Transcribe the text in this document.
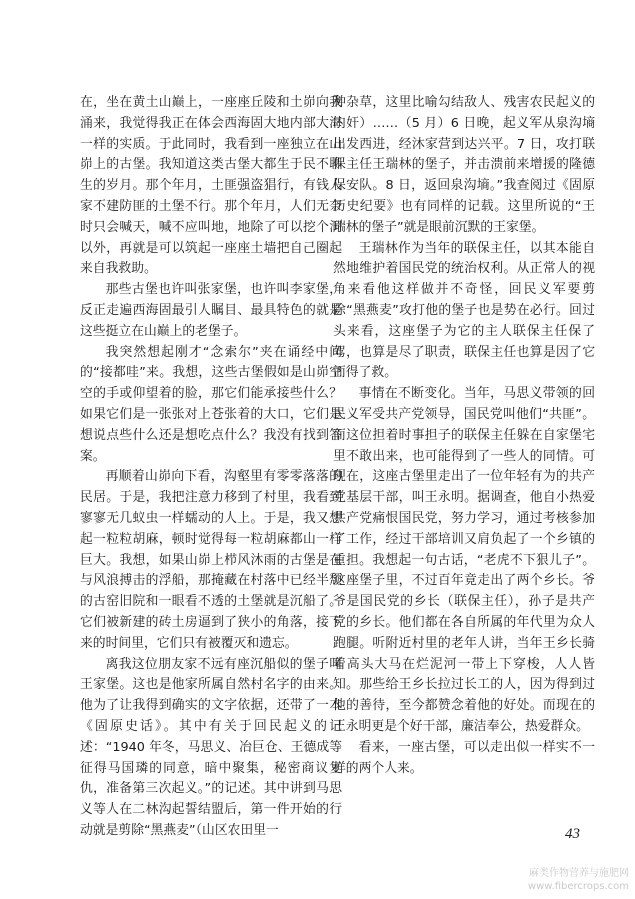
在，坐在黄土山巅上，一座座丘陵和土峁向我涌来，我觉得我正在体会西海固大地内部大海一样的实质。于此同时，我看到一座独立在山峁上的古堡。我知道这类古堡大都生于民不聊生的岁月。那个年月，土匪强盗猖行，有钱人家不建防匪的土堡不行。那个年月，人们无奈时只会喊天，喊不应叫地，地除了可以挖个洞以外，再就是可以筑起一座座土墙把自己圈起来自我救助。

那些古堡也许叫张家堡，也许叫李家堡，反正走遍西海固最引人瞩目、最具特色的就是这些挺立在山巅上的老堡子。

我突然想起刚才“念索尔”夹在诵经中间的“接都哇”来。我想，这些古堡假如是山峁空空的手或仰望着的脸，那它们能承接些什么？如果它们是一张张对上苍张着的大口，它们是想说点些什么还是想吃点什么？我没有找到答案。

再顺着山峁向下看，沟壑里有零零落落的民居。于是，我把注意力移到了村里，我看到寥寥无几蚁虫一样蠕动的人上。于是，我又想起一粒粒胡麻，顿时觉得每一粒胡麻都山一样巨大。我想，如果山峁上栉风沐雨的古堡是在与风浪搏击的浮船，那掩藏在村落中已经半颓的古窑旧院和一眼看不透的土堡就是沉船了。它们被新建的砖土房逼到了狭小的角落，接下来的时间里，它们只有被覆灭和遗忘。

离我这位朋友家不远有座沉船似的堡子叫王家堡。这也是他家所属自然村名字的由来。他为了让我得到确实的文字依据，还带了一本《固原史话》。其中有关于回民起义的记述：“1940 年冬，马思义、冶巨仓、王德成等征得马国璘的同意，暗中聚集，秘密商议复仇，准备第三次起义。”的记述。其中讲到马思义等人在二林沟起誓结盟后，第一件开始的行动就是剪除“黑燕麦”（山区农田里一

种杂草，这里比喻勾结敌人、残害农民起义的内奸）……（5 月）6 日晚，起义军从泉沟墒出发西进，经沐家营到达兴平。7 日，攻打联保主任王瑞林的堡子，并击溃前来增援的隆德保安队。8 日，返回泉沟墒。”我查阅过《固原历史纪要》也有同样的记载。这里所说的“王瑞林的堡子”就是眼前沉默的王家堡。

王瑞林作为当年的联保主任，以其本能自然地维护着国民党的统治权利。从正常人的视角来看他这样做并不奇怪，回民义军要剪除“黑燕麦”攻打他的堡子也是势在必行。回过头来看，这座堡子为它的主人联保主任保了驾，也算是尽了职责，联保主任也算是因了它而得了救。

事情在不断变化。当年，马思义带领的回民义军受共产党领导，国民党叫他们“共匪”。而这位担着时事担子的联保主任躲在自家堡宅里不敢出来，也可能得到了一些人的同情。可现在，这座古堡里走出了一位年轻有为的共产党基层干部，叫王永明。据调查，他自小热爱共产党痛恨国民党，努力学习，通过考核参加了工作，经过干部培训又肩负起了一个乡镇的重担。我想起一句古话，“老虎不下狠儿子”。这座堡子里，不过百年竟走出了两个乡长。爷爷是国民党的乡长（联保主任），孙子是共产党的乡长。他们都在各自所属的年代里为众人跑腿。听附近村里的老年人讲，当年王乡长骑着高头大马在烂泥河一带上下穿梭，人人皆知。那些给王乡长拉过长工的人，因为得到过他的善待，至今都赞念着他的好处。而现在的王永明更是个好干部，廉洁奉公，热爱群众。

看来，一座古堡，可以走出似一样实不一样的两个人来。

43
麻类作物营养与施肥网
www.fibercrops.com
